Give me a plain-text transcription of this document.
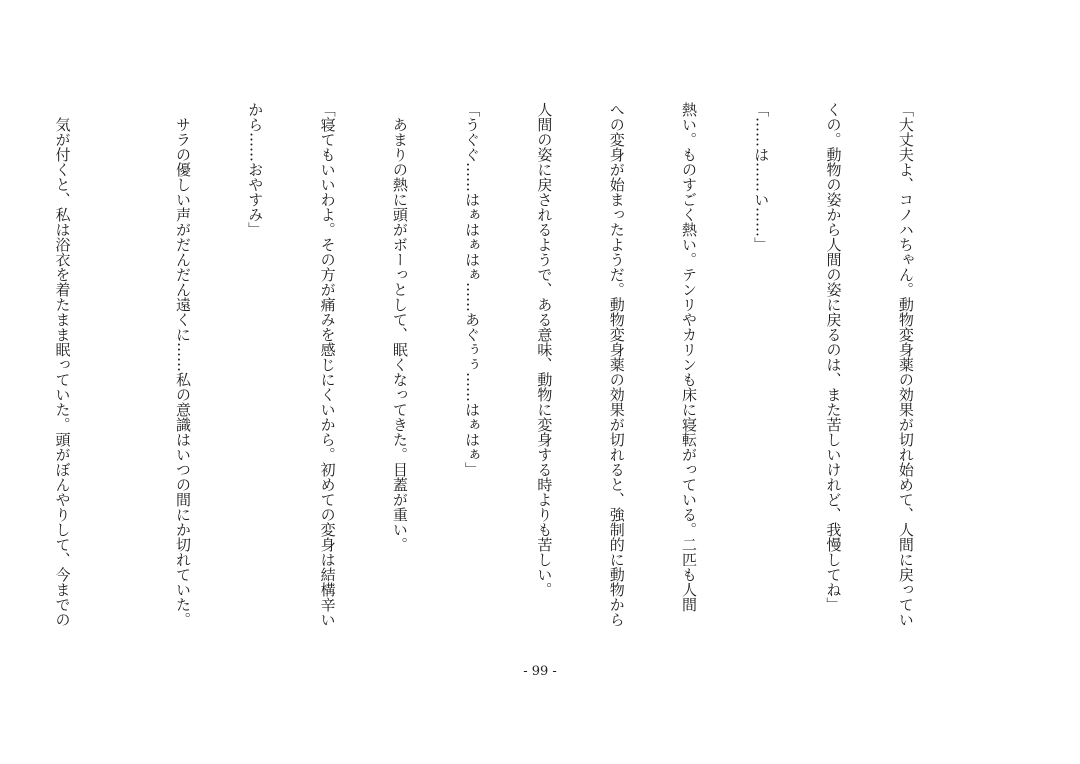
「大丈夫よ、コノハちゃん。動物変身薬の効果が切れ始めて、人間に戻ってい

くの。動物の姿から人間の姿に戻るのは、また苦しいけれど、我慢してね」

「……は……い……」

熱い。ものすごく熱い。テンリやカリンも床に寝転がっている。二匹も人間

への変身が始まったようだ。動物変身薬の効果が切れると、強制的に動物から

人間の姿に戻されるようで、ある意味、動物に変身する時よりも苦しい。

「うぐぐ……はぁはぁはぁ……あぐぅぅ……はぁはぁ」

　あまりの熱に頭がボーっとして、眠くなってきた。目蓋が重い。

「寝てもいいわよ。その方が痛みを感じにくいから。初めての変身は結構辛い

から……おやすみ」

　サラの優しい声がだんだん遠くに……私の意識はいつの間にか切れていた。

　気が付くと、私は浴衣を着たまま眠っていた。頭がぼんやりして、今までの

- 99 -
